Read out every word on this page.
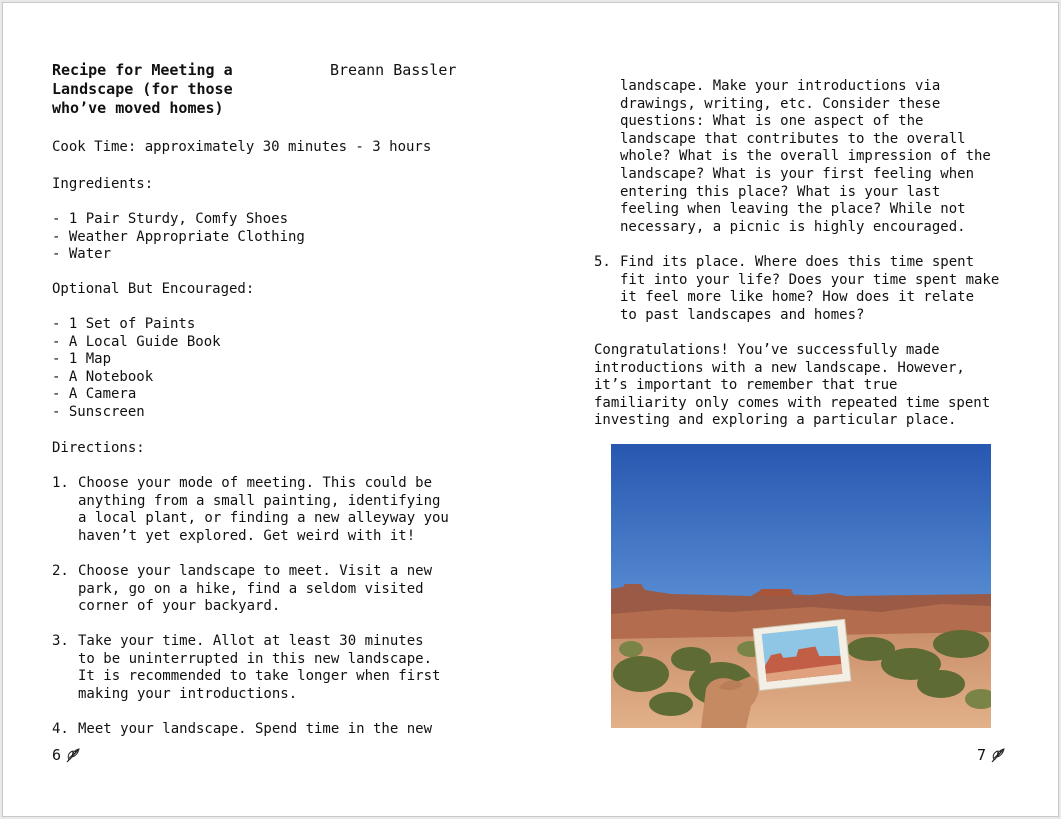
Recipe for Meeting a
Landscape (for those
who’ve moved homes)
Breann Bassler
Cook Time: approximately 30 minutes - 3 hours
Ingredients:
- 1 Pair Sturdy, Comfy Shoes
- Weather Appropriate Clothing
- Water
Optional But Encouraged:
- 1 Set of Paints
- A Local Guide Book
- 1 Map
- A Notebook
- A Camera
- Sunscreen
Directions:
1. Choose your mode of meeting. This could be
anything from a small painting, identifying
a local plant, or finding a new alleyway you
haven’t yet explored. Get weird with it!
2. Choose your landscape to meet. Visit a new
park, go on a hike, find a seldom visited
corner of your backyard.
3. Take your time. Allot at least 30 minutes
to be uninterrupted in this new landscape.
It is recommended to take longer when first
making your introductions.
4. Meet your landscape. Spend time in the new
6
landscape. Make your introductions via
drawings, writing, etc. Consider these
questions: What is one aspect of the
landscape that contributes to the overall
whole? What is the overall impression of the
landscape? What is your first feeling when
entering this place? What is your last
feeling when leaving the place? While not
necessary, a picnic is highly encouraged.
5. Find its place. Where does this time spent
fit into your life? Does your time spent make
it feel more like home? How does it relate
to past landscapes and homes?
Congratulations! You’ve successfully made
introductions with a new landscape. However,
it’s important to remember that true
familiarity only comes with repeated time spent
investing and exploring a particular place.
7
